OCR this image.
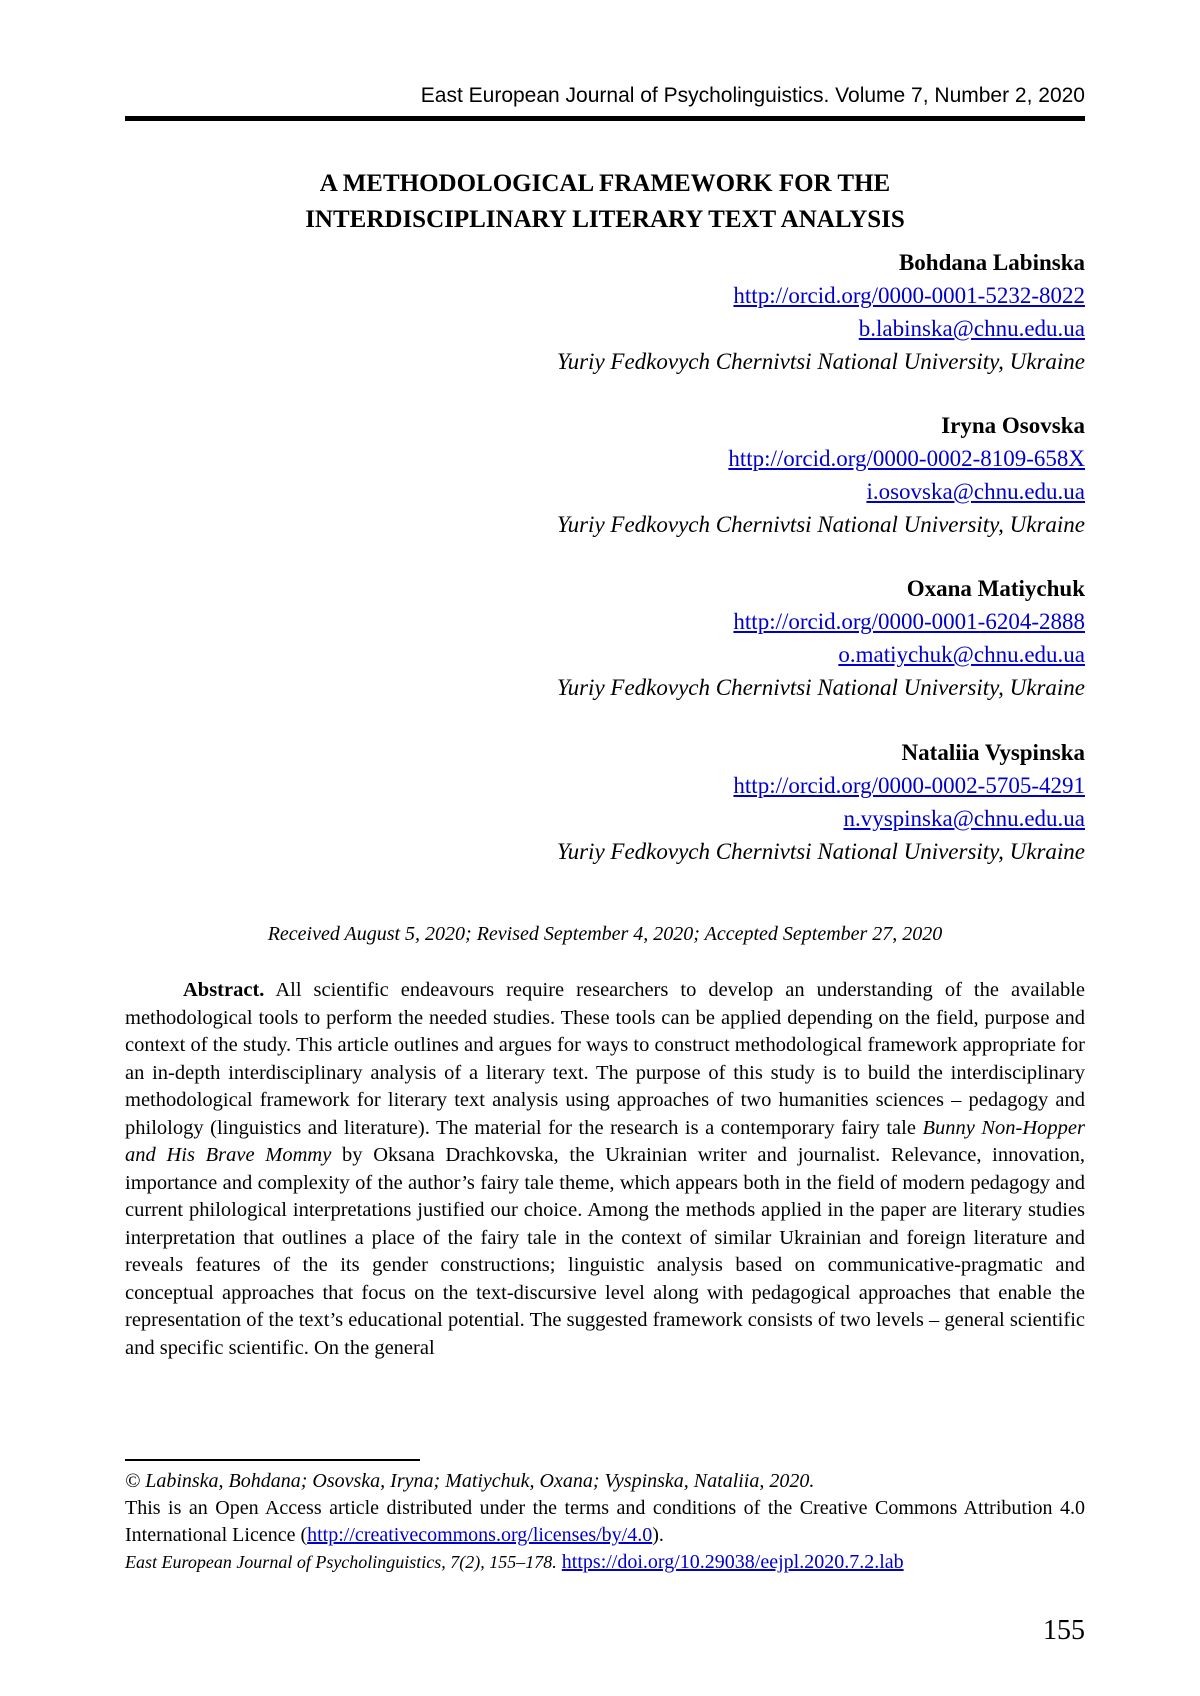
East European Journal of Psycholinguistics. Volume 7, Number 2, 2020
A METHODOLOGICAL FRAMEWORK FOR THE
INTERDISCIPLINARY LITERARY TEXT ANALYSIS
Bohdana Labinska
http://orcid.org/0000-0001-5232-8022
b.labinska@chnu.edu.ua
Yuriy Fedkovych Chernivtsi National University, Ukraine
Iryna Osovska
http://orcid.org/0000-0002-8109-658X
i.osovska@chnu.edu.ua
Yuriy Fedkovych Chernivtsi National University, Ukraine
Oxana Matiychuk
http://orcid.org/0000-0001-6204-2888
o.matiychuk@chnu.edu.ua
Yuriy Fedkovych Chernivtsi National University, Ukraine
Nataliia Vyspinska
http://orcid.org/0000-0002-5705-4291
n.vyspinska@chnu.edu.ua
Yuriy Fedkovych Chernivtsi National University, Ukraine
Received August 5, 2020; Revised September 4, 2020; Accepted September 27, 2020
Abstract. All scientific endeavours require researchers to develop an understanding of the available methodological tools to perform the needed studies. These tools can be applied depending on the field, purpose and context of the study. This article outlines and argues for ways to construct methodological framework appropriate for an in-depth interdisciplinary analysis of a literary text. The purpose of this study is to build the interdisciplinary methodological framework for literary text analysis using approaches of two humanities sciences – pedagogy and philology (linguistics and literature). The material for the research is a contemporary fairy tale Bunny Non-Hopper and His Brave Mommy by Oksana Drachkovska, the Ukrainian writer and journalist. Relevance, innovation, importance and complexity of the author’s fairy tale theme, which appears both in the field of modern pedagogy and current philological interpretations justified our choice. Among the methods applied in the paper are literary studies interpretation that outlines a place of the fairy tale in the context of similar Ukrainian and foreign literature and reveals features of the its gender constructions; linguistic analysis based on communicative-pragmatic and conceptual approaches that focus on the text-discursive level along with pedagogical approaches that enable the representation of the text’s educational potential. The suggested framework consists of two levels – general scientific and specific scientific. On the general
© Labinska, Bohdana; Osovska, Iryna; Matiychuk, Oxana; Vyspinska, Nataliia, 2020.
This is an Open Access article distributed under the terms and conditions of the Creative Commons Attribution 4.0 International Licence (http://creativecommons.org/licenses/by/4.0).
East European Journal of Psycholinguistics, 7(2), 155–178. https://doi.org/10.29038/eejpl.2020.7.2.lab
155
